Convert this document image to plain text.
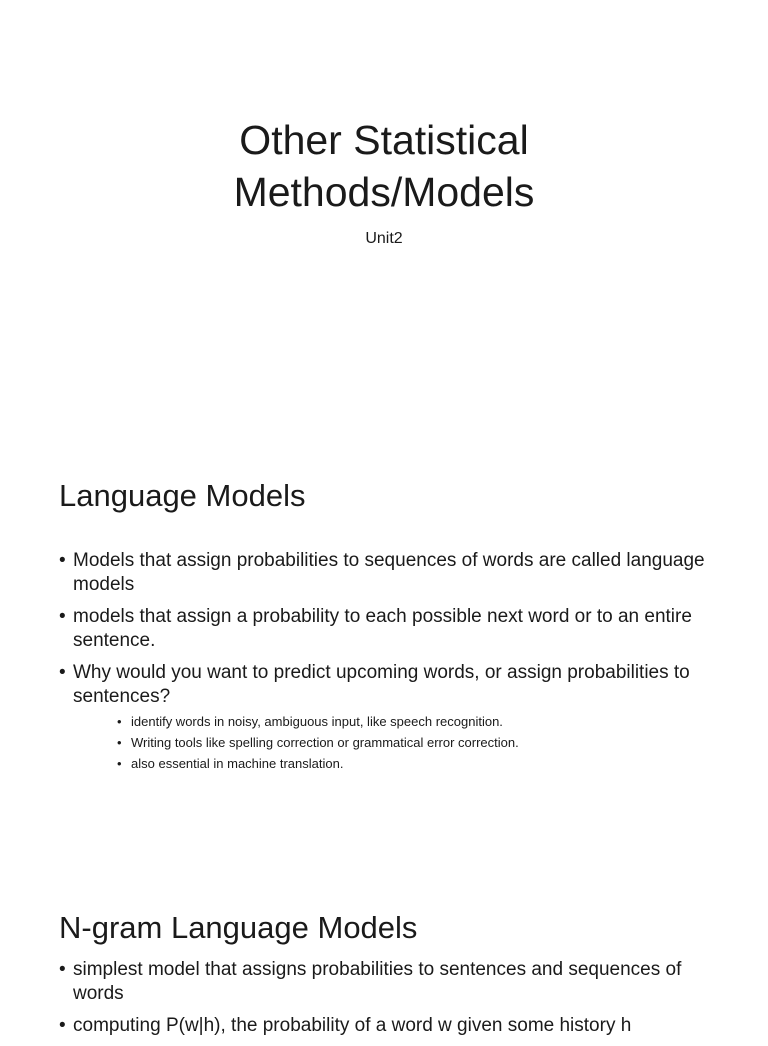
Other Statistical
Methods/Models
Unit2
Language Models
• Models that assign probabilities to sequences of words are called language models
• models that assign a probability to each possible next word or to an entire sentence.
• Why would you want to predict upcoming words, or assign probabilities to sentences?
• identify words in noisy, ambiguous input, like speech recognition.
• Writing tools like spelling correction or grammatical error correction.
• also essential in machine translation.
N-gram Language Models
• simplest model that assigns probabilities to sentences and sequences of words
• computing P(w|h), the probability of a word w given some history h
